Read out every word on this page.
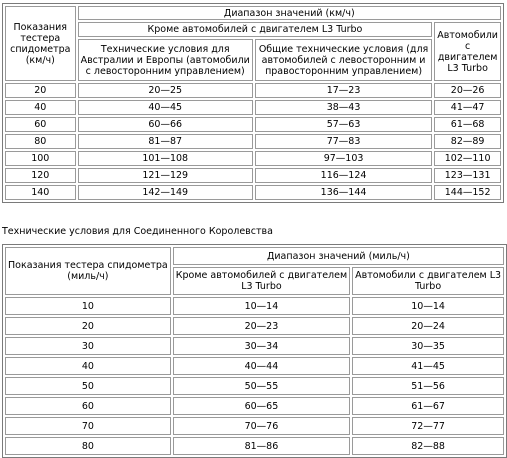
Показания
тестера
спидометра
(км/ч)	Диапазон значений (км/ч)		
	Кроме автомобилей с двигателем L3 Turbo		Автомобили
с
двигателем
L3 Turbo
	Технические условия для
Австралии и Европы (автомобили
с левосторонним управлением)	Общие технические условия (для
автомобилей с левосторонним и
правосторонним управлением)	
20	20—25	17—23	20—26
40	40—45	38—43	41—47
60	60—66	57—63	61—68
80	81—87	77—83	82—89
100	101—108	97—103	102—110
120	121—129	116—124	123—131
140	142—149	136—144	144—152
Технические условия для Соединенного Королевства
Показания тестера спидометра
(миль/ч)	Диапазон значений (миль/ч)	
	Кроме автомобилей с двигателем
L3 Turbo	Автомобили с двигателем L3
Turbo
10	10—14	10—14
20	20—23	20—24
30	30—34	30—35
40	40—44	41—45
50	50—55	51—56
60	60—65	61—67
70	70—76	72—77
80	81—86	82—88
